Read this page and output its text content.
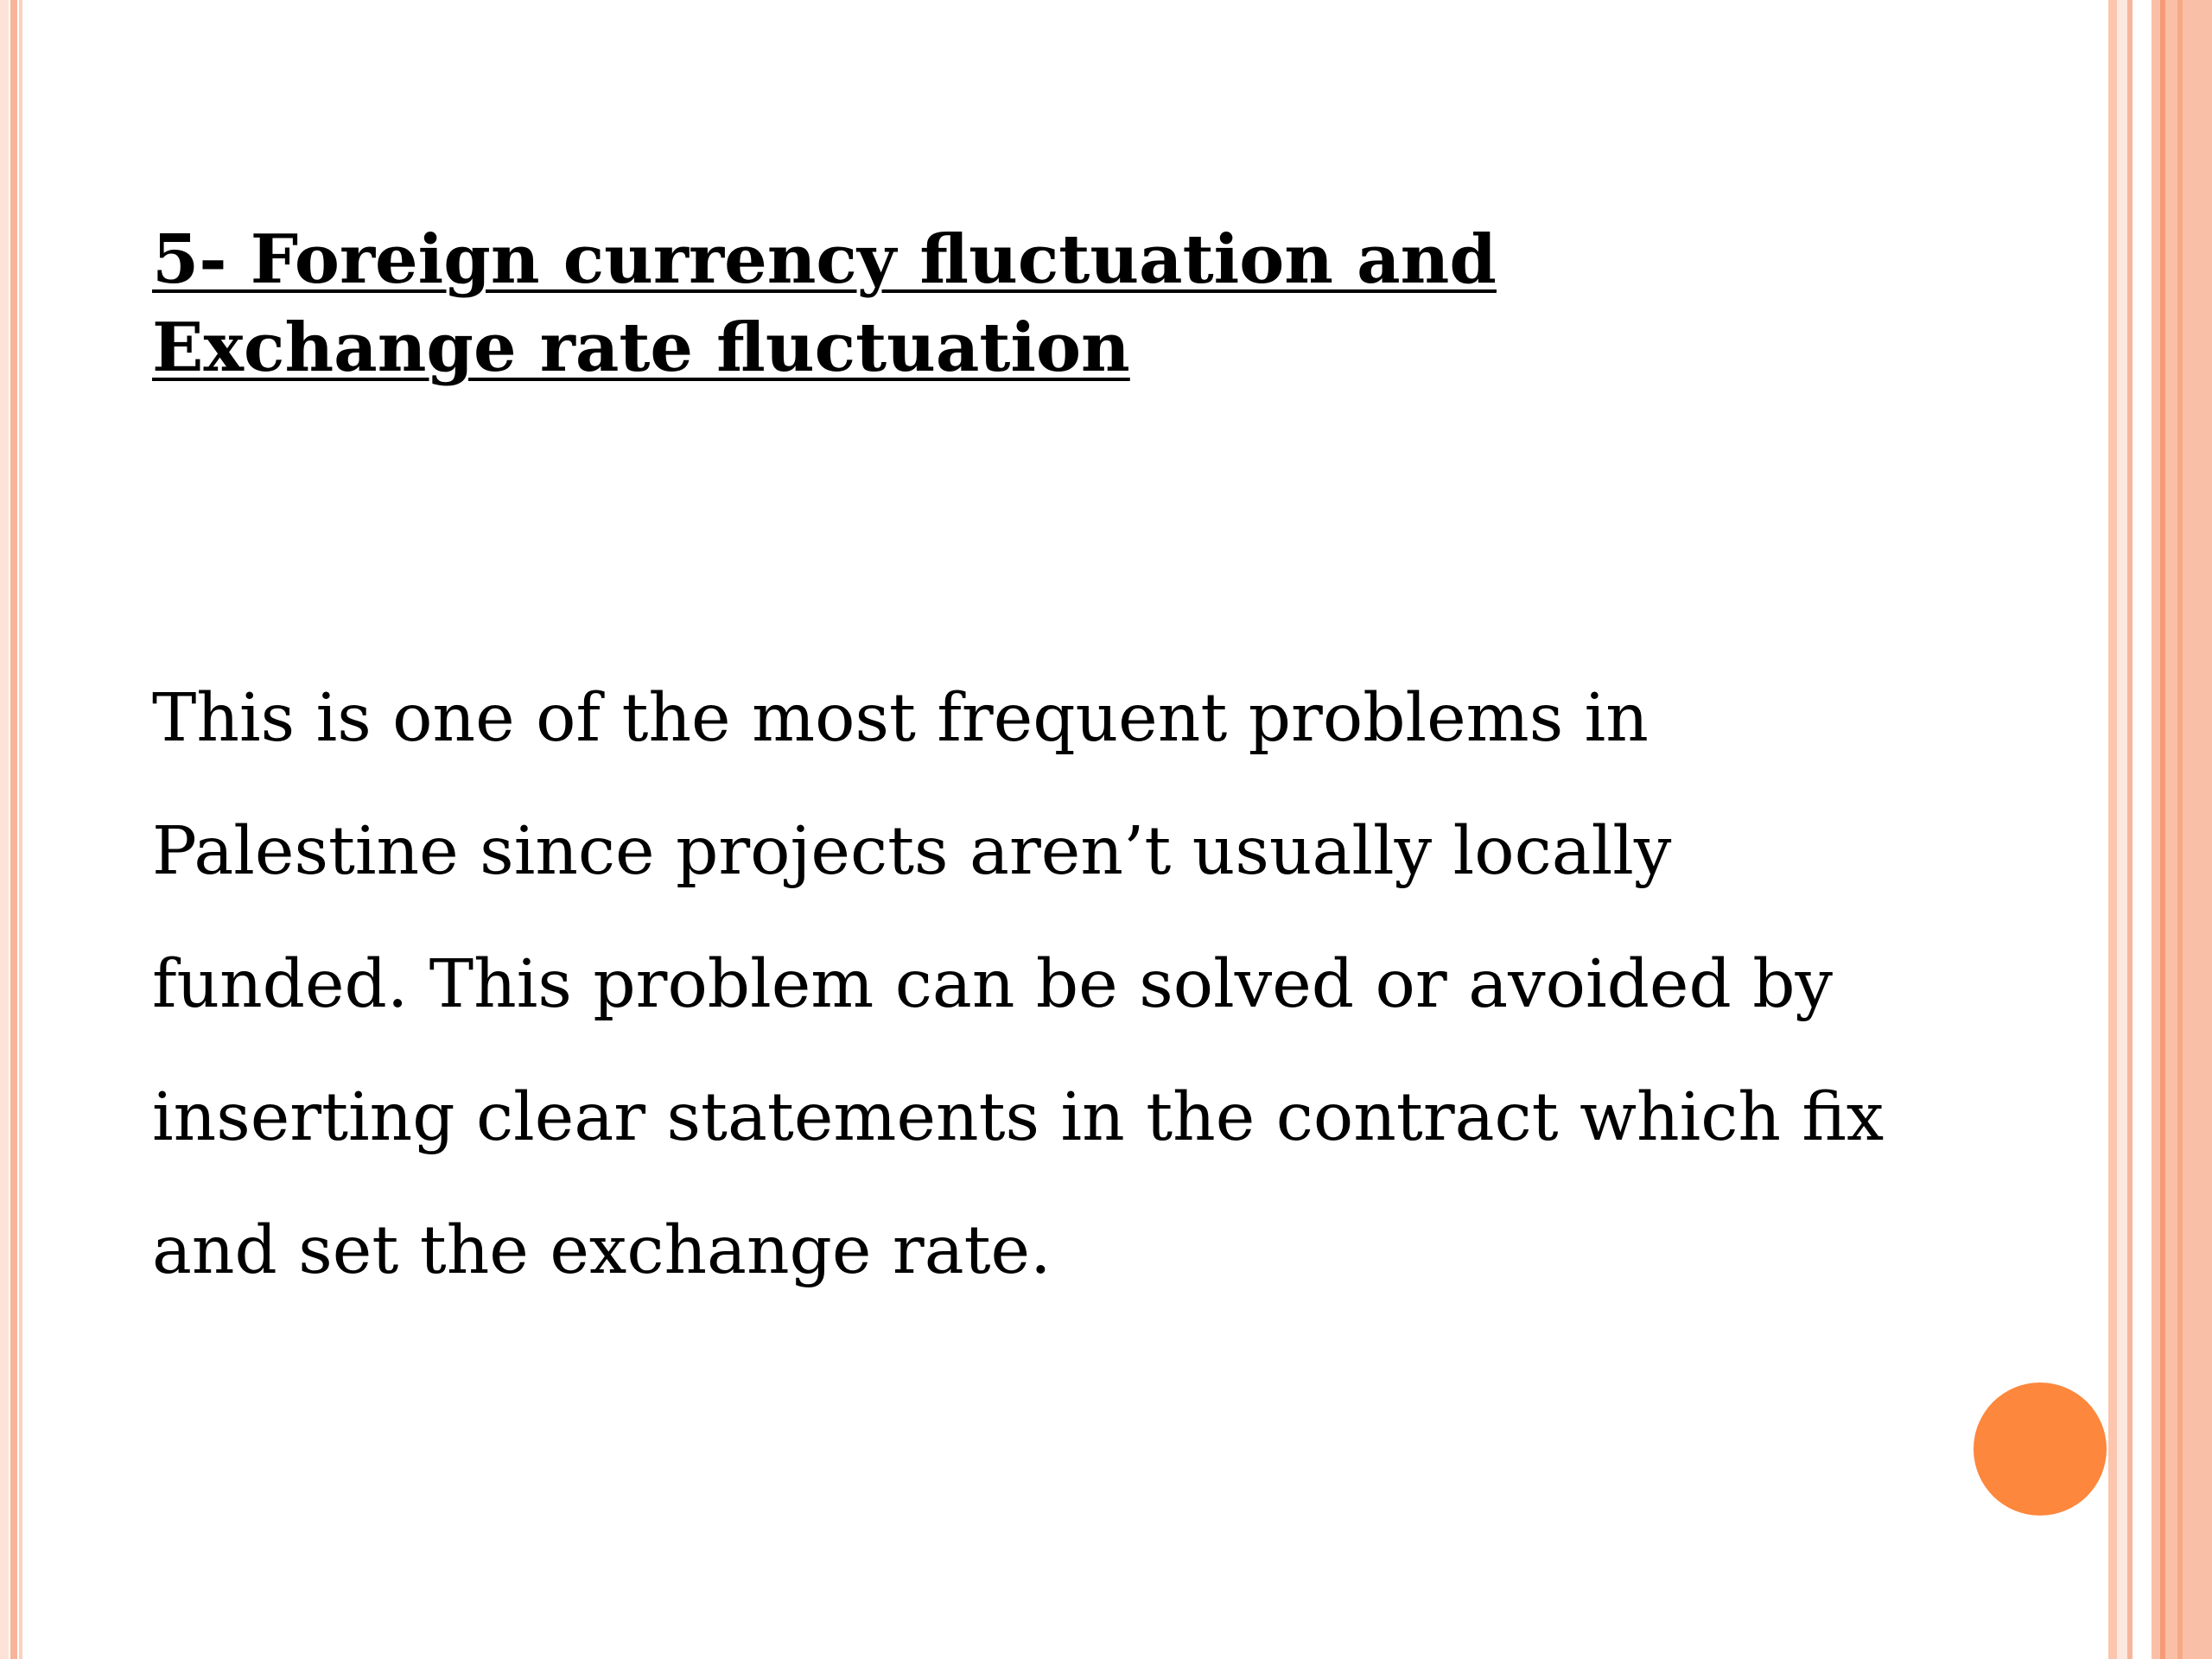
5- Foreign currency fluctuation and
Exchange rate fluctuation

This is one of the most frequent problems in
Palestine since projects aren’t usually locally
funded. This problem can be solved or avoided by
inserting clear statements in the contract which fix
and set the exchange rate.
